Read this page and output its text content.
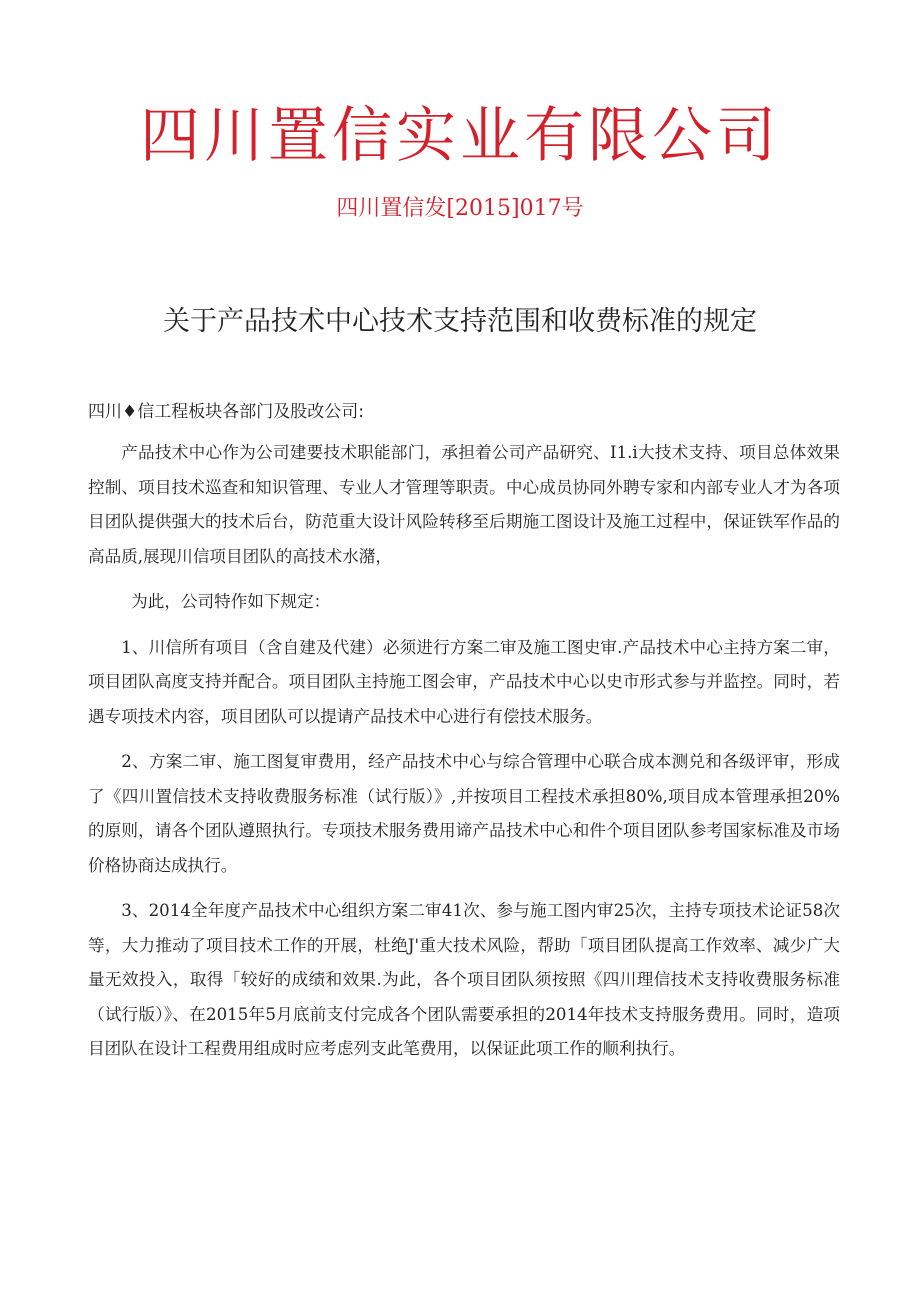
四川置信实业有限公司
四川置信发[2015]017号
关于产品技术中心技术支持范围和收费标准的规定
四川♦信工程板块各部门及股改公司:

产品技术中心作为公司建要技术职能部门，承担着公司产品研究、I1.i大技术支持、项目总体效果控制、项目技术巡查和知识管理、专业人才管理等职责。中心成员协同外聘专家和内部专业人才为各项目团队提供强大的技术后台，防范重大设计风险转移至后期施工图设计及施工过程中，保证铁军作品的高品质,展现川信项目团队的高技术水潴，

为此，公司特作如下规定：

1、川信所有项目（含自建及代建）必须进行方案二审及施工图史审.产品技术中心主持方案二审，项目团队高度支持并配合。项目团队主持施工图会审，产品技术中心以史市形式参与并监控。同时，若遇专项技术内容，项目团队可以提请产品技术中心进行有偿技术服务。

2、方案二审、施工图复审费用，经产品技术中心与综合管理中心联合成本测兑和各级评审，形成了《四川置信技术支持收费服务标准（试行版）》,并按项目工程技术承担80%,项目成本管理承担20%的原则，请各个团队遵照执行。专项技术服务费用谛产品技术中心和件个项目团队参考国家标准及市场价格协商达成执行。

3、2014全年度产品技术中心组织方案二审41次、参与施工图内审25次，主持专项技术论证58次等，大力推动了项目技术工作的开展，杜绝J'重大技术风险，帮助「项目团队提高工作效率、减少广大量无效投入，取得「较好的成绩和效果.为此，各个项目团队须按照《四川理信技术支持收费服务标准（试行版）》、在2015年5月底前支付完成各个团队需要承担的2014年技术支持服务费用。同时，造项目团队在设计工程费用组成时应考虑列支此笔费用，以保证此项工作的顺利执行。
